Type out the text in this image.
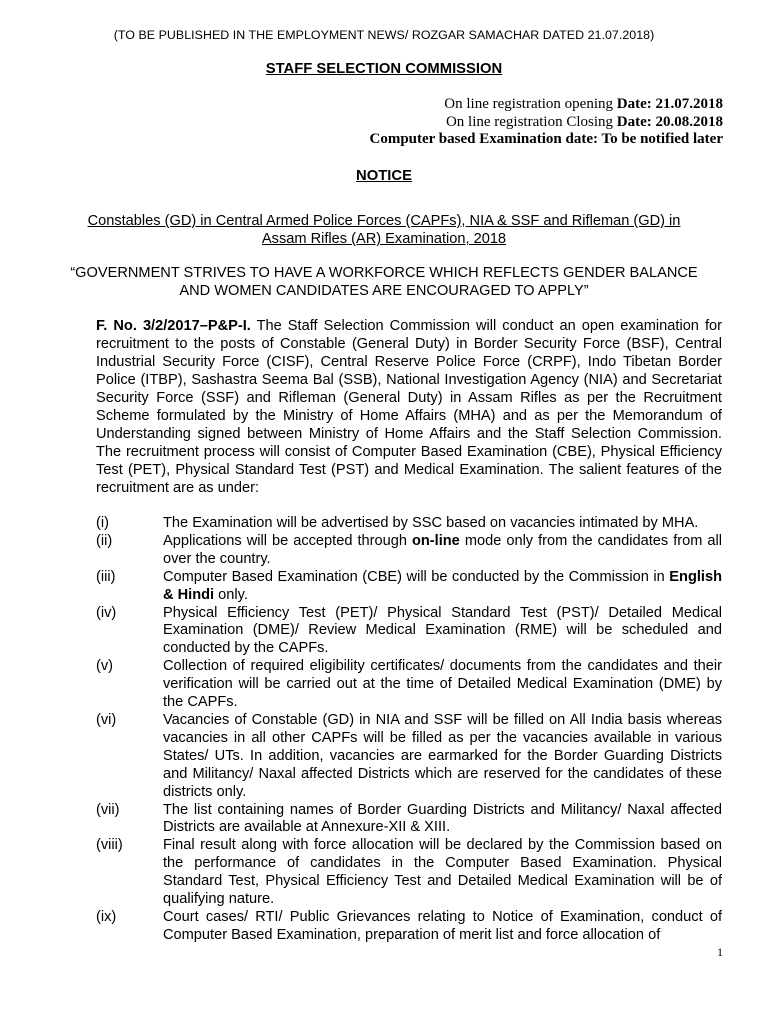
(TO BE PUBLISHED IN THE EMPLOYMENT NEWS/ ROZGAR SAMACHAR DATED 21.07.2018)
STAFF SELECTION COMMISSION
On line registration opening Date: 21.07.2018
On line registration Closing Date: 20.08.2018
Computer based Examination date: To be notified later
NOTICE
Constables (GD) in Central Armed Police Forces (CAPFs), NIA & SSF and Rifleman (GD) in
Assam Rifles (AR) Examination, 2018
“GOVERNMENT STRIVES TO HAVE A WORKFORCE WHICH REFLECTS GENDER BALANCE
AND WOMEN CANDIDATES ARE ENCOURAGED TO APPLY”
F. No. 3/2/2017–P&P-I. The Staff Selection Commission will conduct an open examination for recruitment to the posts of Constable (General Duty) in Border Security Force (BSF), Central Industrial Security Force (CISF), Central Reserve Police Force (CRPF), Indo Tibetan Border Police (ITBP), Sashastra Seema Bal (SSB), National Investigation Agency (NIA) and Secretariat Security Force (SSF) and Rifleman (General Duty) in Assam Rifles as per the Recruitment Scheme formulated by the Ministry of Home Affairs (MHA) and as per the Memorandum of Understanding signed between Ministry of Home Affairs and the Staff Selection Commission. The recruitment process will consist of Computer Based Examination (CBE), Physical Efficiency Test (PET), Physical Standard Test (PST) and Medical Examination. The salient features of the recruitment are as under:
(i)	The Examination will be advertised by SSC based on vacancies intimated by MHA.
(ii)	Applications will be accepted through on-line mode only from the candidates from all over the country.
(iii)	Computer Based Examination (CBE) will be conducted by the Commission in English & Hindi only.
(iv)	Physical Efficiency Test (PET)/ Physical Standard Test (PST)/ Detailed Medical Examination (DME)/ Review Medical Examination (RME) will be scheduled and conducted by the CAPFs.
(v)	Collection of required eligibility certificates/ documents from the candidates and their verification will be carried out at the time of Detailed Medical Examination (DME) by the CAPFs.
(vi)	Vacancies of Constable (GD) in NIA and SSF will be filled on All India basis whereas vacancies in all other CAPFs will be filled as per the vacancies available in various States/ UTs. In addition, vacancies are earmarked for the Border Guarding Districts and Militancy/ Naxal affected Districts which are reserved for the candidates of these districts only.
(vii)	The list containing names of Border Guarding Districts and Militancy/ Naxal affected Districts are available at Annexure-XII & XIII.
(viii)	Final result along with force allocation will be declared by the Commission based on the performance of candidates in the Computer Based Examination. Physical Standard Test, Physical Efficiency Test and Detailed Medical Examination will be of qualifying nature.
(ix)	Court cases/ RTI/ Public Grievances relating to Notice of Examination, conduct of Computer Based Examination, preparation of merit list and force allocation of
1
